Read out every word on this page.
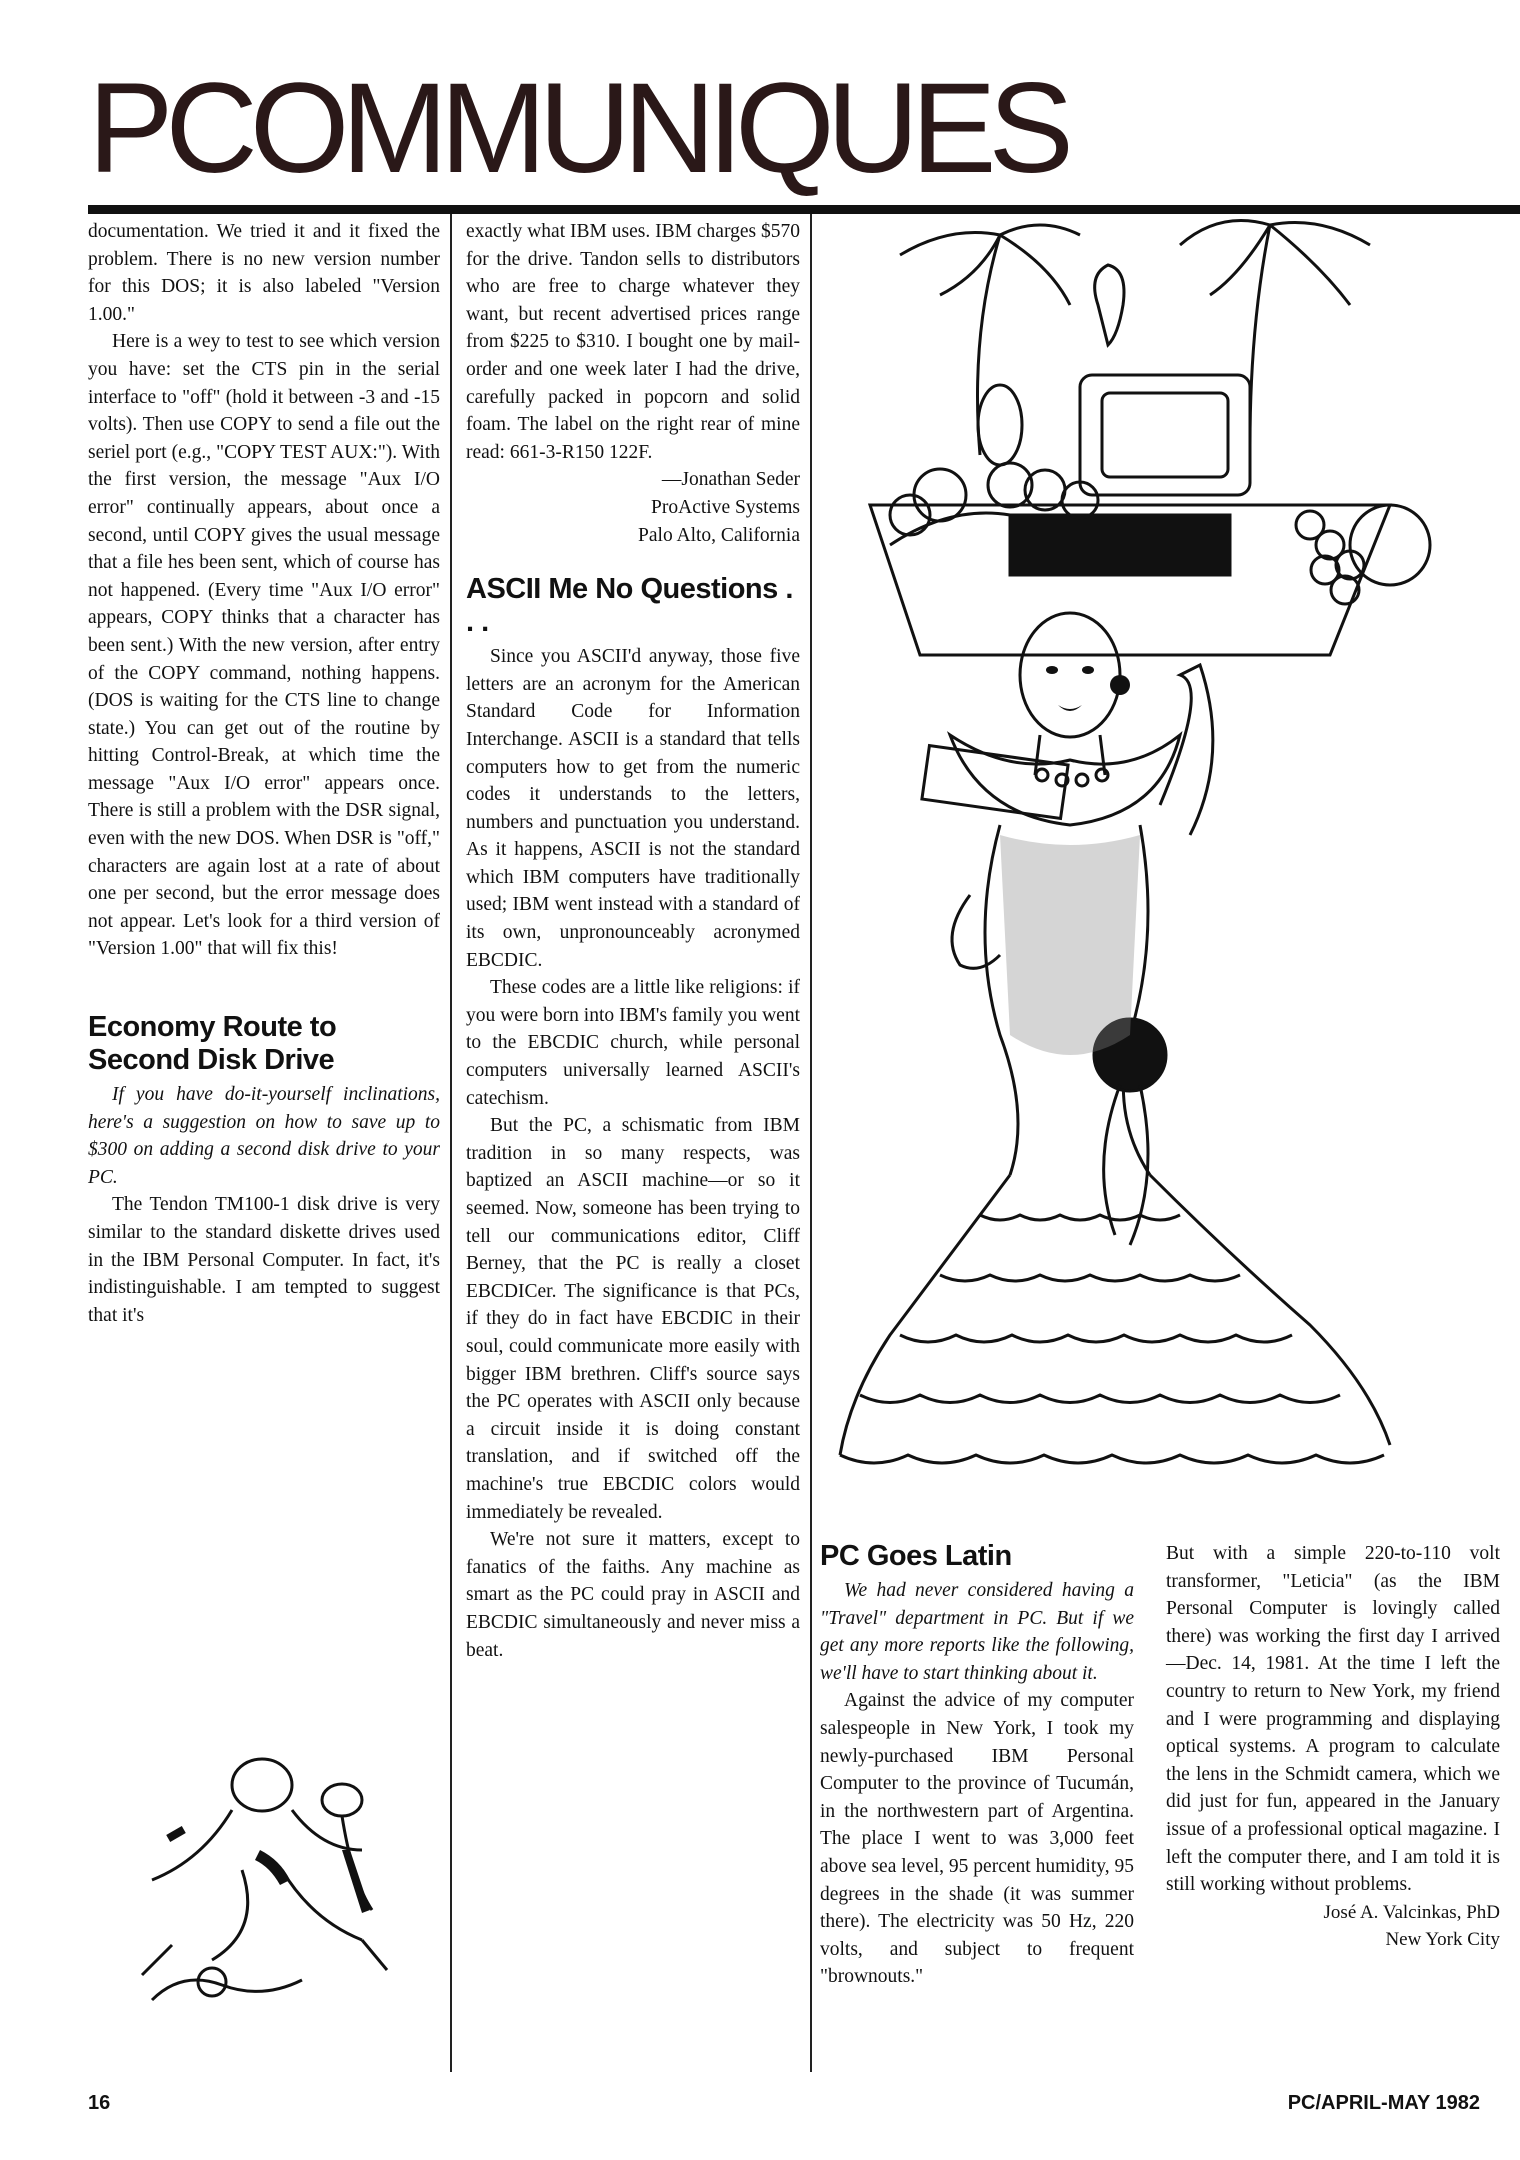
PCOMMUNIQUES

documentation. We tried it and it fixed the problem. There is no new version number for this DOS; it is also labeled "Version 1.00."

Here is a wey to test to see which version you have: set the CTS pin in the serial interface to "off" (hold it between -3 and -15 volts). Then use COPY to send a file out the seriel port (e.g., "COPY TEST AUX:"). With the first version, the message "Aux I/O error" continually appears, about once a second, until COPY gives the usual message that a file hes been sent, which of course has not happened. (Every time "Aux I/O error" appears, COPY thinks that a character has been sent.) With the new version, after entry of the COPY command, nothing happens. (DOS is waiting for the CTS line to change state.) You can get out of the routine by hitting Control-Break, at which time the message "Aux I/O error" appears once. There is still a problem with the DSR signal, even with the new DOS. When DSR is "off," characters are again lost at a rate of about one per second, but the error message does not appear. Let's look for a third version of "Version 1.00" that will fix this!

Economy Route to Second Disk Drive

If you have do-it-yourself inclinations, here's a suggestion on how to save up to $300 on adding a second disk drive to your PC.

The Tendon TM100-1 disk drive is very similar to the standard diskette drives used in the IBM Personal Computer. In fact, it's indistinguishable. I am tempted to suggest that it's

exactly what IBM uses. IBM charges $570 for the drive. Tandon sells to distributors who are free to charge whatever they want, but recent advertised prices range from $225 to $310. I bought one by mail-order and one week later I had the drive, carefully packed in popcorn and solid foam. The label on the right rear of mine read: 661-3-R150 122F.

—Jonathan Seder
ProActive Systems
Palo Alto, California
ASCII Me No Questions . . .

Since you ASCII'd anyway, those five letters are an acronym for the American Standard Code for Information Interchange. ASCII is a standard that tells computers how to get from the numeric codes it understands to the letters, numbers and punctuation you understand. As it happens, ASCII is not the standard which IBM computers have traditionally used; IBM went instead with a standard of its own, unpronounceably acronymed EBCDIC.

These codes are a little like religions: if you were born into IBM's family you went to the EBCDIC church, while personal computers universally learned ASCII's catechism.

But the PC, a schismatic from IBM tradition in so many respects, was baptized an ASCII machine—or so it seemed. Now, someone has been trying to tell our communications editor, Cliff Berney, that the PC is really a closet EBCDICer. The significance is that PCs, if they do in fact have EBCDIC in their soul, could communicate more easily with bigger IBM brethren. Cliff's source says the PC operates with ASCII only because a circuit inside it is doing constant translation, and if switched off the machine's true EBCDIC colors would immediately be revealed.

We're not sure it matters, except to fanatics of the faiths. Any machine as smart as the PC could pray in ASCII and EBCDIC simultaneously and never miss a beat.

PC Goes Latin

We had never considered having a "Travel" department in PC. But if we get any more reports like the following, we'll have to start thinking about it.

Against the advice of my computer salespeople in New York, I took my newly-purchased IBM Personal Computer to the province of Tucumán, in the northwestern part of Argentina. The place I went to was 3,000 feet above sea level, 95 percent humidity, 95 degrees in the shade (it was summer there). The electricity was 50 Hz, 220 volts, and subject to frequent "brownouts."

But with a simple 220-to-110 volt transformer, "Leticia" (as the IBM Personal Computer is lovingly called there) was working the first day I arrived—Dec. 14, 1981. At the time I left the country to return to New York, my friend and I were programming and displaying optical systems. A program to calculate the lens in the Schmidt camera, which we did just for fun, appeared in the January issue of a professional optical magazine. I left the computer there, and I am told it is still working without problems.

José A. Valcinkas, PhD
New York City
16	PC/APRIL-MAY 1982
